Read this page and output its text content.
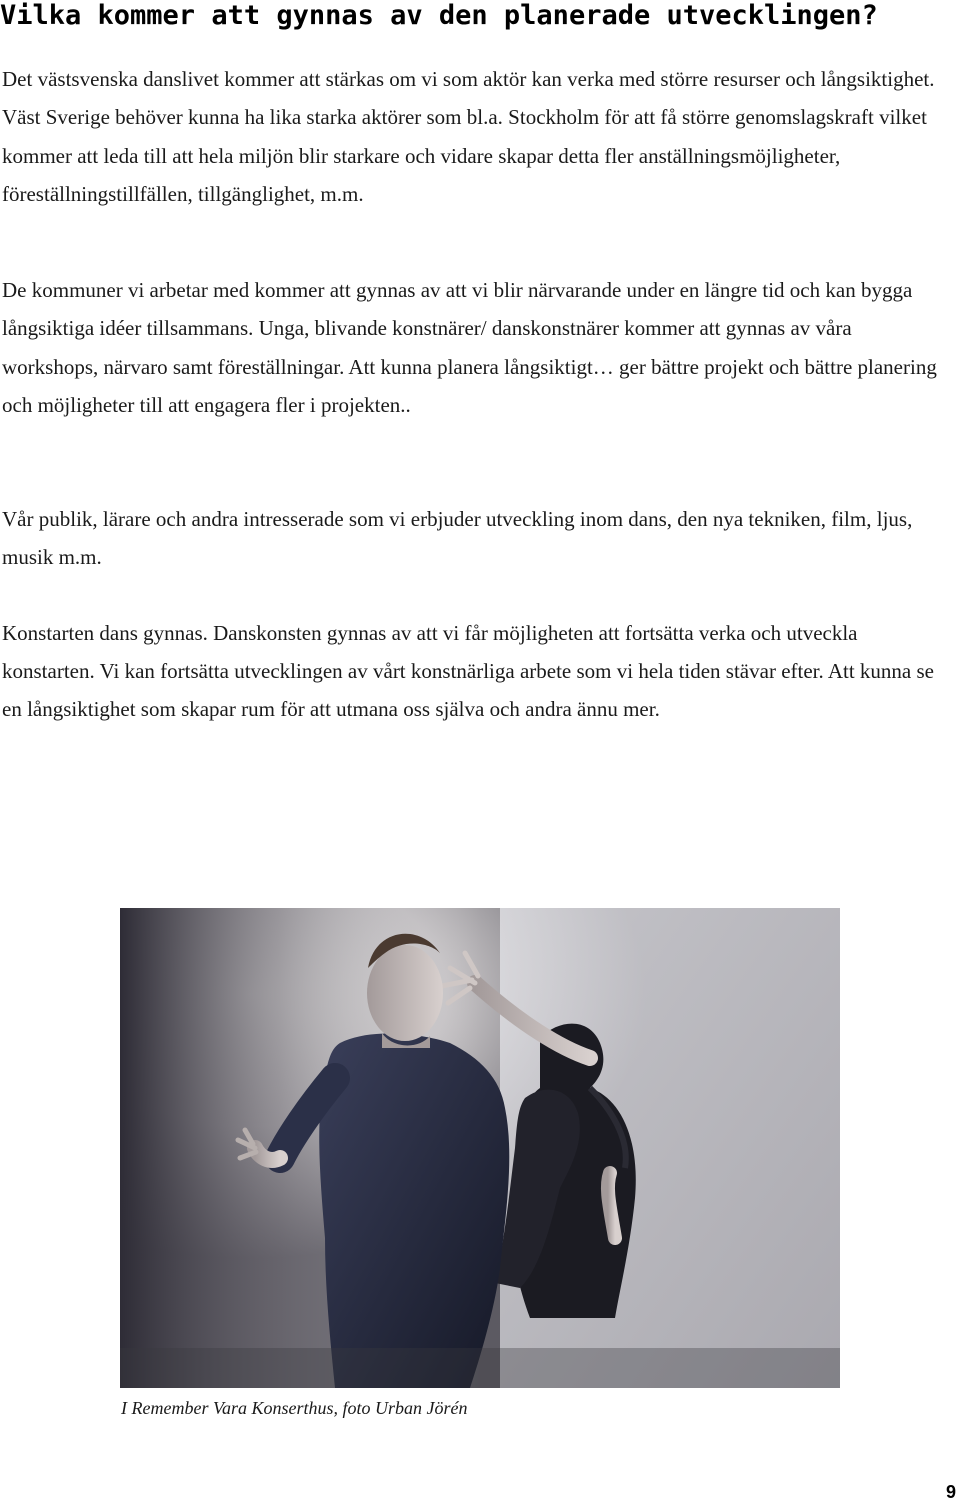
Vilka kommer att gynnas av den planerade utvecklingen?

Det västsvenska danslivet kommer att stärkas om vi som aktör kan verka med större resurser och långsiktighet. Väst Sverige behöver kunna ha lika starka aktörer som bl.a. Stockholm för att få större genomslagskraft vilket kommer att leda till att hela miljön blir starkare och vidare skapar detta fler anställningsmöjligheter, föreställningstillfällen, tillgänglighet, m.m.

De kommuner vi arbetar med kommer att gynnas av att vi blir närvarande under en längre tid och kan bygga långsiktiga idéer tillsammans. Unga, blivande konstnärer/ danskonstnärer kommer att gynnas av våra workshops, närvaro samt föreställningar. Att kunna planera långsiktigt… ger bättre projekt och bättre planering och möjligheter till att engagera fler i projekten..

Vår publik, lärare och andra intresserade som vi erbjuder utveckling inom dans, den nya tekniken, film, ljus, musik m.m.

Konstarten dans gynnas. Danskonsten gynnas av att vi får möjligheten att fortsätta verka och utveckla konstarten. Vi kan fortsätta utvecklingen av vårt konstnärliga arbete som vi hela tiden stävar efter. Att kunna se en långsiktighet som skapar rum för att utmana oss själva och andra ännu mer.

I Remember Vara Konserthus, foto Urban Jörén
9
